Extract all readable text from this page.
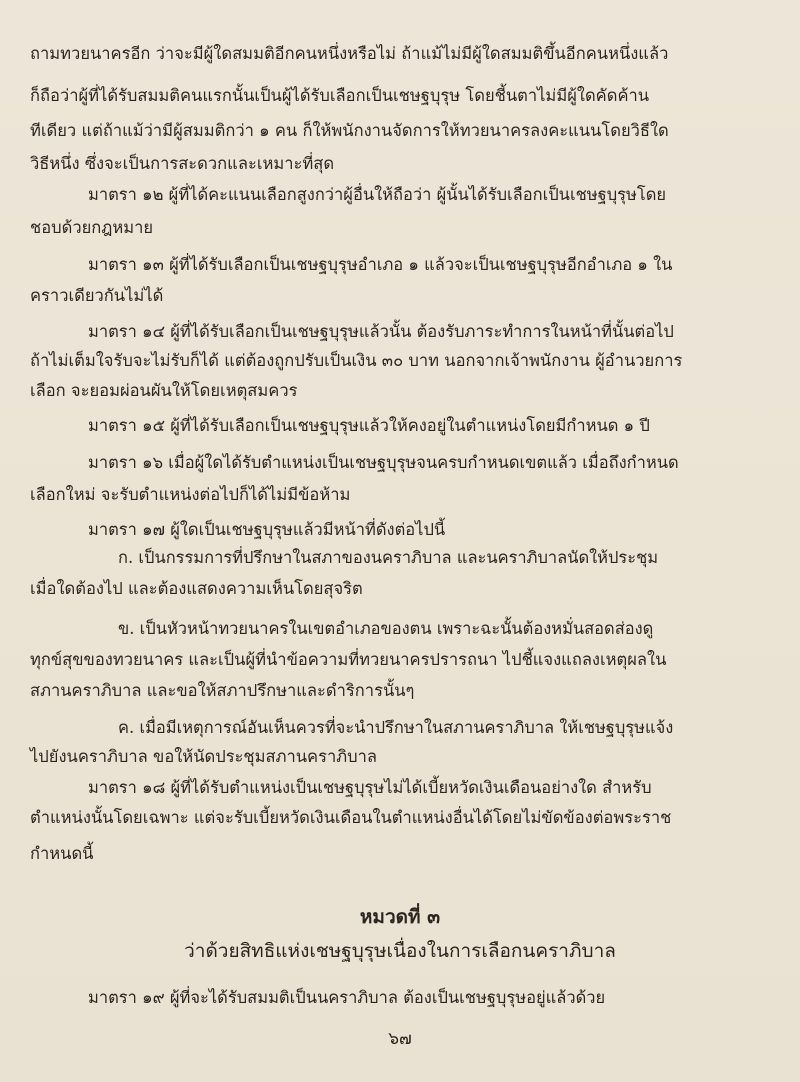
ถามทวยนาครอีก ว่าจะมีผู้ใดสมมติอีกคนหนึ่งหรือไม่ ถ้าแม้ไม่มีผู้ใดสมมติขึ้นอีกคนหนึ่งแล้ว
ก็ถือว่าผู้ที่ได้รับสมมติคนแรกนั้นเป็นผู้ได้รับเลือกเป็นเชษฐบุรุษ โดยชี้นตาไม่มีผู้ใดคัดค้าน
ทีเดียว แต่ถ้าแม้ว่ามีผู้สมมติกว่า ๑ คน ก็ให้พนักงานจัดการให้ทวยนาครลงคะแนนโดยวิธีใด
วิธีหนึ่ง ซึ่งจะเป็นการสะดวกและเหมาะที่สุด
มาตรา ๑๒ ผู้ที่ได้คะแนนเลือกสูงกว่าผู้อื่นให้ถือว่า ผู้นั้นได้รับเลือกเป็นเชษฐบุรุษโดย
ชอบด้วยกฎหมาย
มาตรา ๑๓ ผู้ที่ได้รับเลือกเป็นเชษฐบุรุษอำเภอ ๑ แล้วจะเป็นเชษฐบุรุษอีกอำเภอ ๑ ใน
คราวเดียวกันไม่ได้
มาตรา ๑๔ ผู้ที่ได้รับเลือกเป็นเชษฐบุรุษแล้วนั้น ต้องรับภาระทำการในหน้าที่นั้นต่อไป
ถ้าไม่เต็มใจรับจะไม่รับก็ได้ แต่ต้องถูกปรับเป็นเงิน ๓๐ บาท นอกจากเจ้าพนักงาน ผู้อำนวยการ
เลือก จะยอมผ่อนผันให้โดยเหตุสมควร
มาตรา ๑๕ ผู้ที่ได้รับเลือกเป็นเชษฐบุรุษแล้วให้คงอยู่ในตำแหน่งโดยมีกำหนด ๑ ปี
มาตรา ๑๖ เมื่อผู้ใดได้รับตำแหน่งเป็นเชษฐบุรุษจนครบกำหนดเขตแล้ว เมื่อถึงกำหนด
เลือกใหม่ จะรับตำแหน่งต่อไปก็ได้ไม่มีข้อห้าม
มาตรา ๑๗ ผู้ใดเป็นเชษฐบุรุษแล้วมีหน้าที่ดังต่อไปนี้
ก. เป็นกรรมการที่ปรึกษาในสภาของนคราภิบาล และนคราภิบาลนัดให้ประชุม
เมื่อใดต้องไป และต้องแสดงความเห็นโดยสุจริต
ข. เป็นหัวหน้าทวยนาครในเขตอำเภอของตน เพราะฉะนั้นต้องหมั่นสอดส่องดู
ทุกข์สุขของทวยนาคร และเป็นผู้ที่นำข้อความที่ทวยนาครปรารถนา ไปชี้แจงแถลงเหตุผลใน
สภานคราภิบาล และขอให้สภาปรึกษาและดำริการนั้นๆ
ค. เมื่อมีเหตุการณ์อันเห็นควรที่จะนำปรึกษาในสภานคราภิบาล ให้เชษฐบุรุษแจ้ง
ไปยังนคราภิบาล ขอให้นัดประชุมสภานคราภิบาล
มาตรา ๑๘ ผู้ที่ได้รับตำแหน่งเป็นเชษฐบุรุษไม่ได้เบี้ยหวัดเงินเดือนอย่างใด สำหรับ
ตำแหน่งนั้นโดยเฉพาะ แต่จะรับเบี้ยหวัดเงินเดือนในตำแหน่งอื่นได้โดยไม่ขัดข้องต่อพระราช
กำหนดนี้
หมวดที่ ๓
ว่าด้วยสิทธิแห่งเชษฐบุรุษเนื่องในการเลือกนคราภิบาล
มาตรา ๑๙ ผู้ที่จะได้รับสมมติเป็นนคราภิบาล ต้องเป็นเชษฐบุรุษอยู่แล้วด้วย
๖๗
